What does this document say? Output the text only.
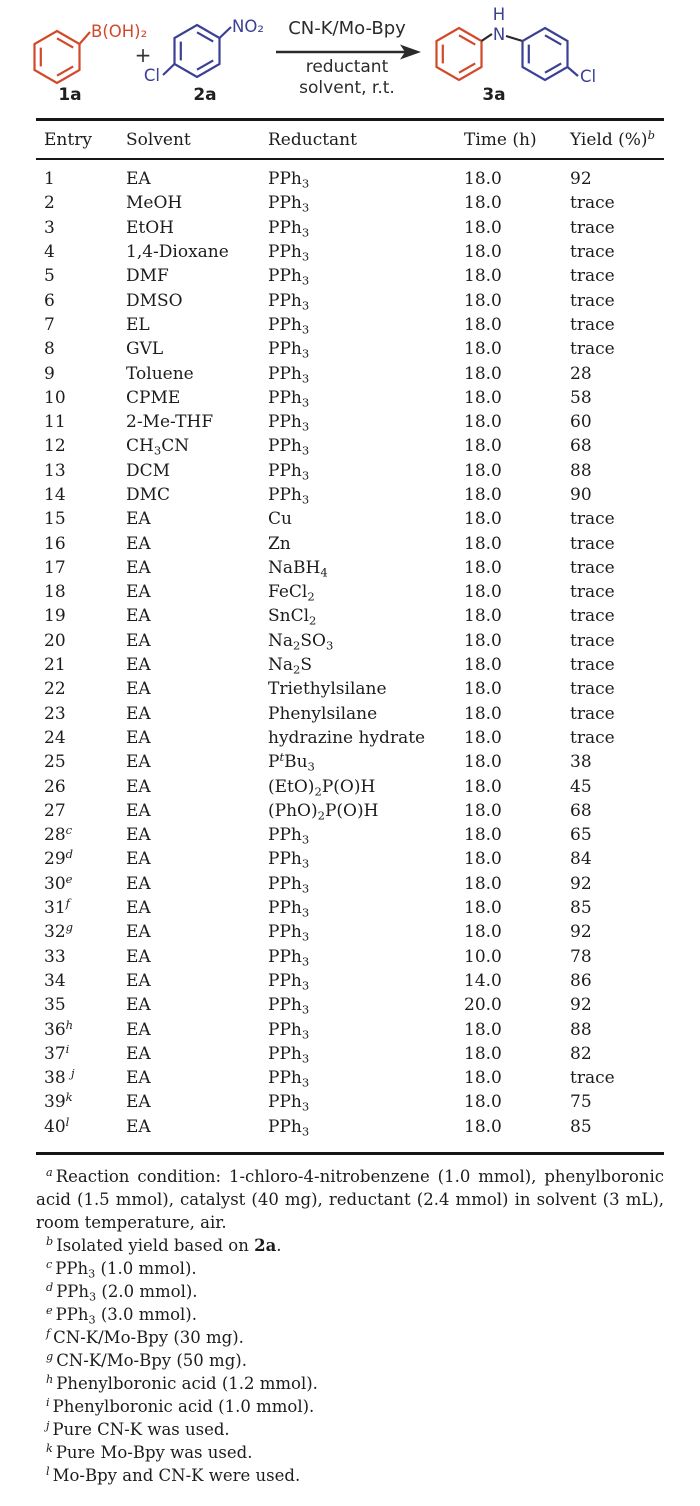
B(OH)₂
1a
+
NO₂
Cl
2a
CN-K/Mo-Bpy
reductant
solvent, r.t.
H
N
Cl
3a
Entry	Solvent	Reductant	Time (h)	Yield (%)$^b$
1	EA	PPh$_3$	18.0	92
2	MeOH	PPh$_3$	18.0	trace
3	EtOH	PPh$_3$	18.0	trace
4	1,4-Dioxane	PPh$_3$	18.0	trace
5	DMF	PPh$_3$	18.0	trace
6	DMSO	PPh$_3$	18.0	trace
7	EL	PPh$_3$	18.0	trace
8	GVL	PPh$_3$	18.0	trace
9	Toluene	PPh$_3$	18.0	28
10	CPME	PPh$_3$	18.0	58
11	2-Me-THF	PPh$_3$	18.0	60
12	$CH_3CN$	PPh$_3$	18.0	68
13	DCM	PPh$_3$	18.0	88
14	DMC	PPh$_3$	18.0	90
15	EA	Cu	18.0	trace
16	EA	Zn	18.0	trace
17	EA	NaBH$_4$	18.0	trace
18	EA	FeCl$_2$	18.0	trace
19	EA	SnCl$_2$	18.0	trace
20	EA	$Na_2SO_3$	18.0	trace
21	EA	$Na_2S$	18.0	trace
22	EA	Triethylsilane	18.0	trace
23	EA	Phenylsilane	18.0	trace
24	EA	hydrazine hydrate	18.0	trace
25	EA	$P^tBu_3$	18.0	38
26	EA	$(EtO)_2P(O)H$	18.0	45
27	EA	$(PhO)_2P(O)H$	18.0	68
28$^c$	EA	PPh$_3$	18.0	65
29$^d$	EA	PPh$_3$	18.0	84
30e	EA	PPh$_3$	18.0	92
31$^f$	EA	PPh$_3$	18.0	85
32$^g$	EA	PPh$_3$	18.0	92
33	EA	PPh$_3$	10.0	78
34	EA	PPh$_3$	14.0	86
35	EA	PPh$_3$	20.0	92
36$^h$	EA	PPh$_3$	18.0	88
37$^i$	EA	PPh$_3$	18.0	82
38 $^j$	EA	PPh$_3$	18.0	trace
39$^k$	EA	PPh$_3$	18.0	75
40$^l$	EA	PPh$_3$	18.0	85
$^a$ Reaction condition: 1-chloro-4-nitrobenzene (1.0 mmol), phenylboronic acid (1.5 mmol), catalyst (40 mg), reductant (2.4 mmol) in solvent (3 mL), room temperature, air.
$^b$ Isolated yield based on 2a.
$^c$ PPh$_3$ (1.0 mmol).
$^d$ PPh$_3$ (2.0 mmol).
$^e$ PPh$_3$ (3.0 mmol).
$^f$ CN-K/Mo-Bpy (30 mg).
$^g$ CN-K/Mo-Bpy (50 mg).
$^h$ Phenylboronic acid (1.2 mmol).
$^i$ Phenylboronic acid (1.0 mmol).
$^j$ Pure CN-K was used.
$^k$ Pure Mo-Bpy was used.
$^l$ Mo-Bpy and CN-K were used.
